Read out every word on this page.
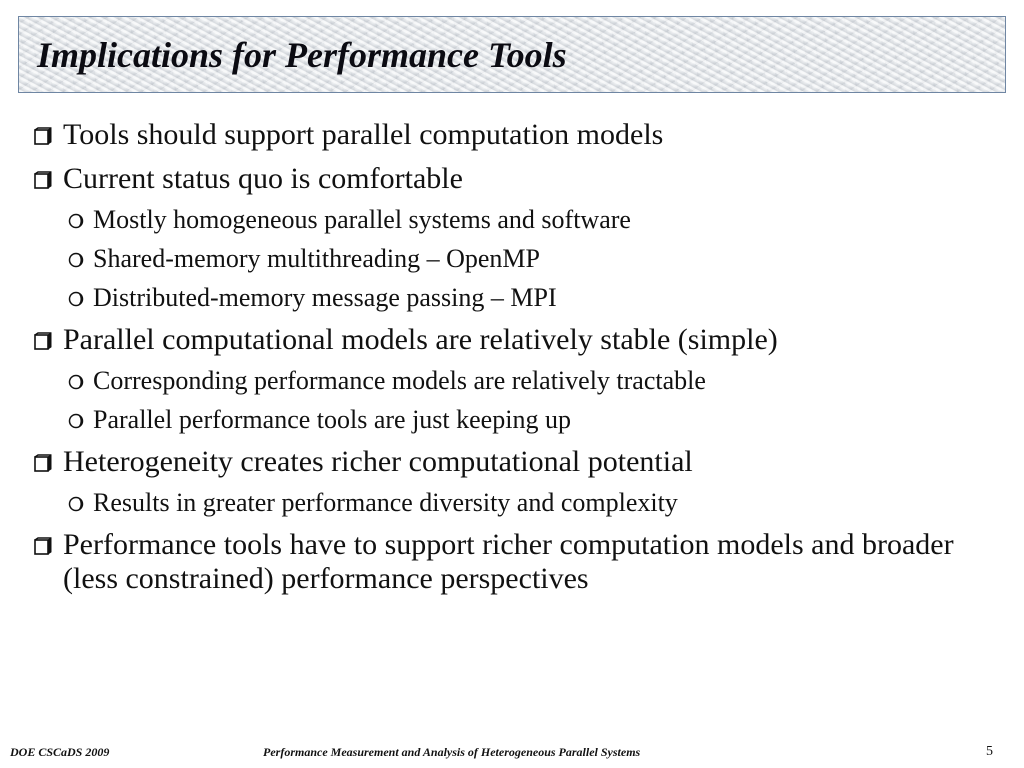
Implications for Performance Tools
Tools should support parallel computation models
Current status quo is comfortable
Mostly homogeneous parallel systems and software
Shared-memory multithreading – OpenMP
Distributed-memory message passing – MPI
Parallel computational models are relatively stable (simple)
Corresponding performance models are relatively tractable
Parallel performance tools are just keeping up
Heterogeneity creates richer computational potential
Results in greater performance diversity and complexity
Performance tools have to support richer computation models and broader (less constrained) performance perspectives
DOE CSCaDS 2009	Performance Measurement and Analysis of Heterogeneous Parallel Systems	5
